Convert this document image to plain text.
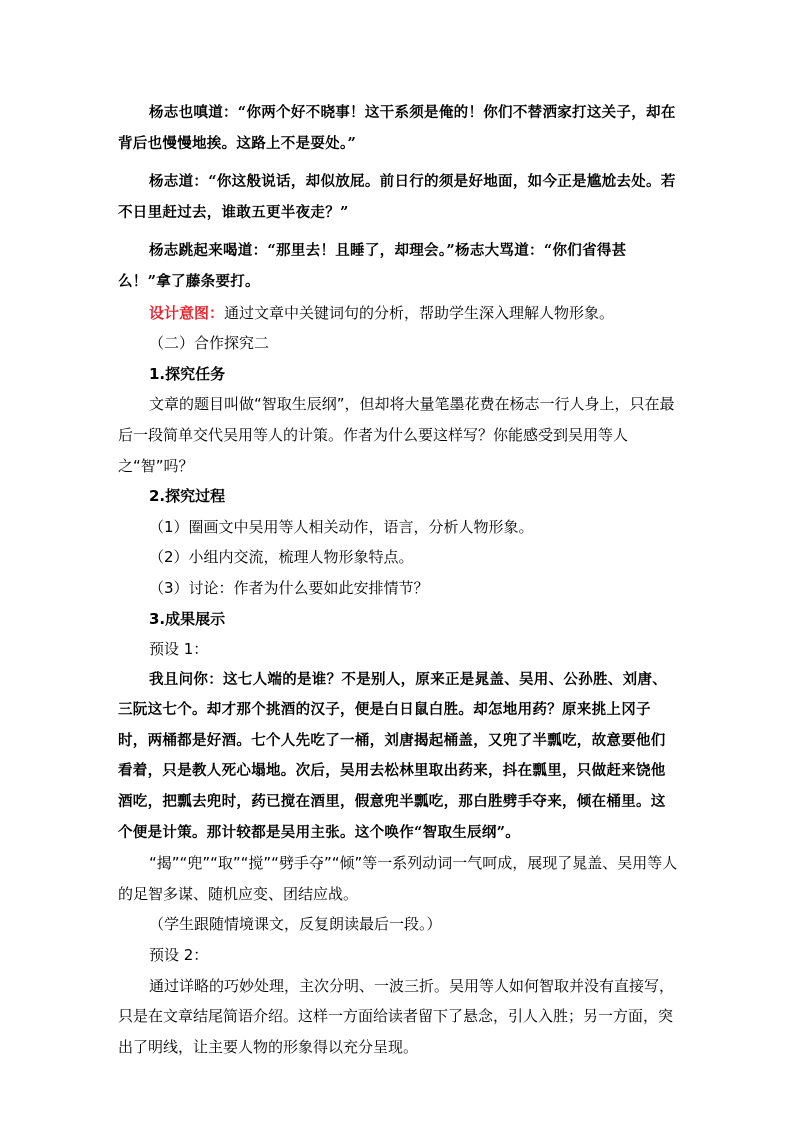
杨志也嗔道：“你两个好不晓事！这干系须是俺的！你们不替洒家打这关子，却在背后也慢慢地挨。这路上不是耍处。”

杨志道：“你这般说话，却似放屁。前日行的须是好地面，如今正是尴尬去处。若不日里赶过去，谁敢五更半夜走？”

杨志跳起来喝道：“那里去！且睡了，却理会。”杨志大骂道：“你们省得甚么！”拿了藤条要打。

设计意图：通过文章中关键词句的分析，帮助学生深入理解人物形象。

（二）合作探究二

1.探究任务

文章的题目叫做“智取生辰纲”，但却将大量笔墨花费在杨志一行人身上，只在最后一段简单交代吴用等人的计策。作者为什么要这样写？你能感受到吴用等人之“智”吗？

2.探究过程

（1）圈画文中吴用等人相关动作，语言，分析人物形象。

（2）小组内交流，梳理人物形象特点。

（3）讨论：作者为什么要如此安排情节？

3.成果展示

预设 1：

我且问你：这七人端的是谁？不是别人，原来正是晁盖、吴用、公孙胜、刘唐、三阮这七个。却才那个挑酒的汉子，便是白日鼠白胜。却怎地用药？原来挑上冈子时，两桶都是好酒。七个人先吃了一桶，刘唐揭起桶盖，又兜了半瓢吃，故意要他们看着，只是教人死心塌地。次后，吴用去松林里取出药来，抖在瓢里，只做赶来饶他酒吃，把瓢去兜时，药已搅在酒里，假意兜半瓢吃，那白胜劈手夺来，倾在桶里。这个便是计策。那计较都是吴用主张。这个唤作“智取生辰纲”。

“揭”“兜”“取”“搅”“劈手夺”“倾”等一系列动词一气呵成，展现了晁盖、吴用等人的足智多谋、随机应变、团结应战。

（学生跟随情境课文，反复朗读最后一段。）

预设 2：

通过详略的巧妙处理，主次分明、一波三折。吴用等人如何智取并没有直接写，只是在文章结尾简语介绍。这样一方面给读者留下了悬念，引人入胜；另一方面，突出了明线，让主要人物的形象得以充分呈现。
